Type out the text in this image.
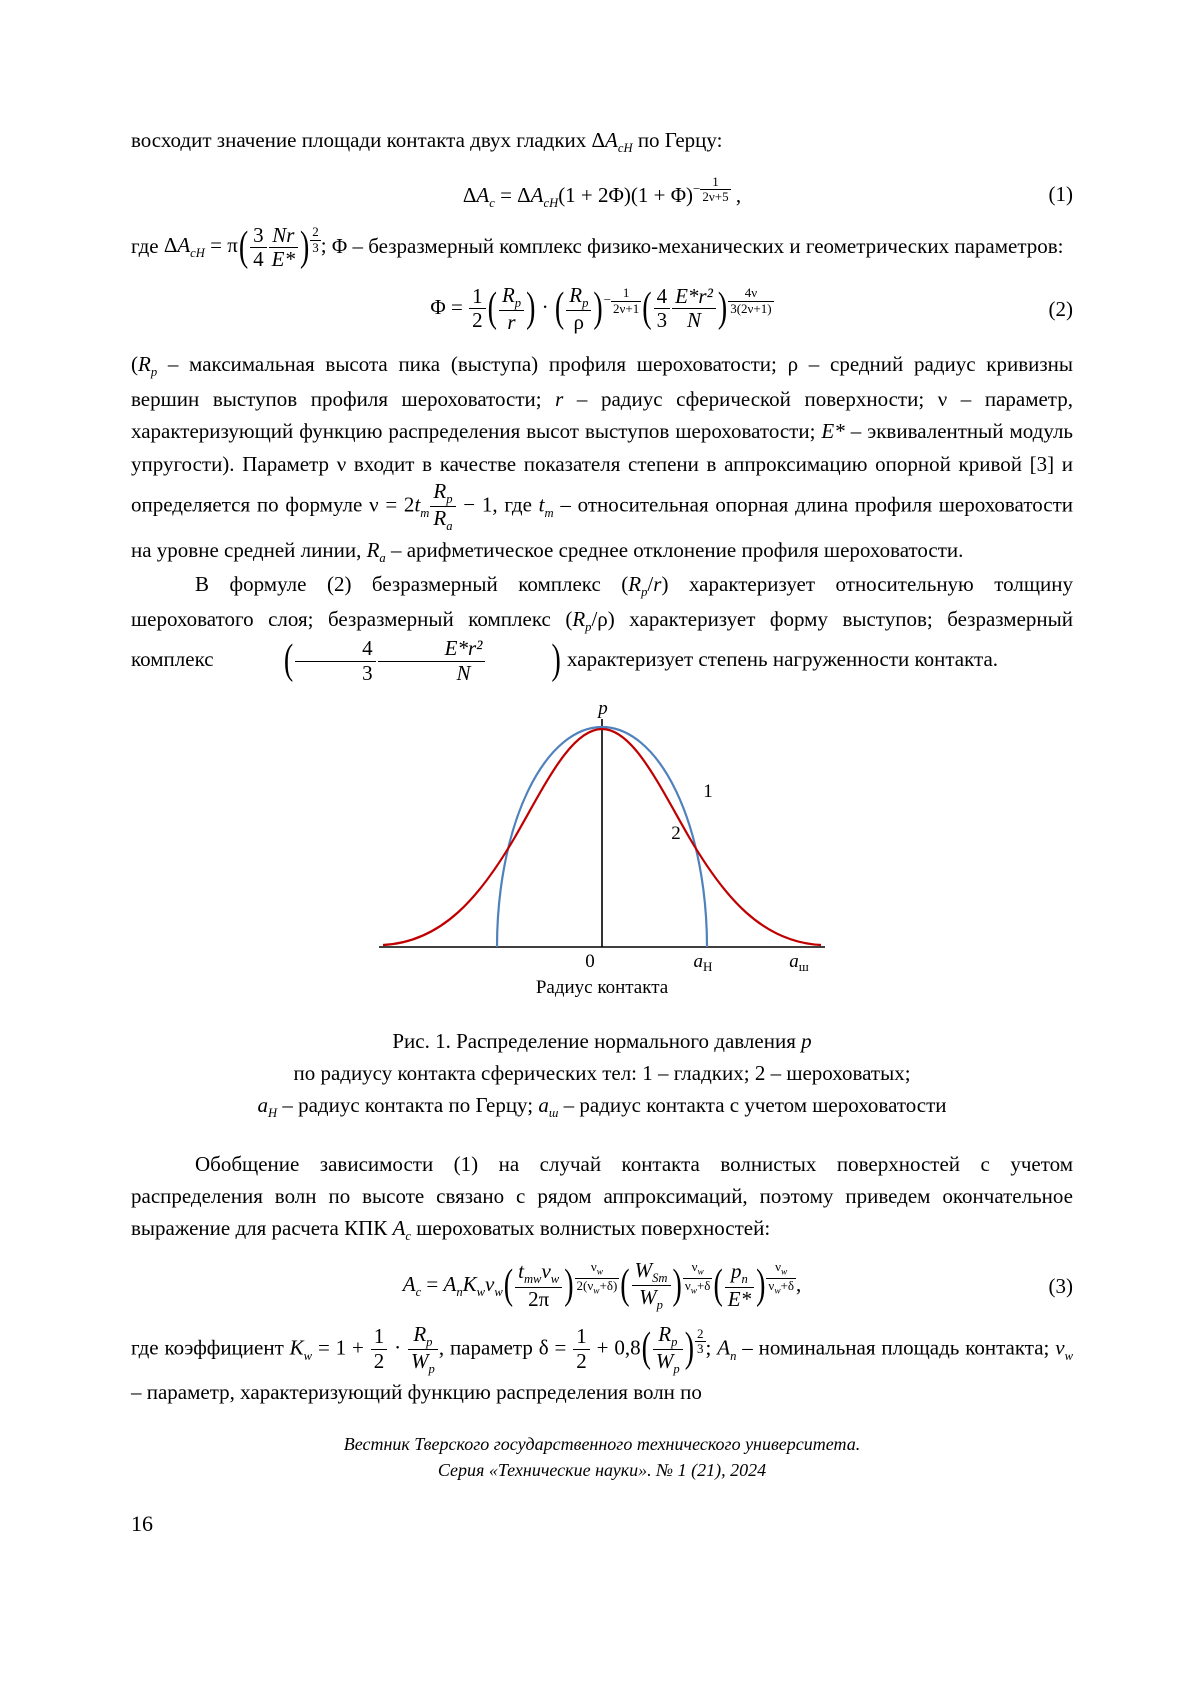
восходит значение площади контакта двух гладких $\Delta A_{cH}$ по Герцу:

$\Delta A_c = \Delta A_{cH}(1 + 2\Phi)(1 + \Phi)- \frac{1}{2\nu+5}$ ,	(1)

где $\Delta A_{cH} = \pi( \frac{3}{4} \frac{Nr}{E*}$ ) $\frac{2}{3}$ ; Φ – безразмерный комплекс физико-механических и геометрических параметров:

$\Phi = \frac{1}{2}$ ( $\frac{R_p}{r}$ ) · ( $\frac{R_p}{\rho}$ )− $\frac{1}{2\nu+1}$ ( $\frac{4}{3} \frac{\text{E*r²}}{N}$ ) $\frac{4\nu}{3(2\nu+1)}$	(2)

($R_p$ – максимальная высота пика (выступа) профиля шероховатости; ρ – средний радиус кривизны вершин выступов профиля шероховатости; r – радиус сферической поверхности; ν – параметр, характеризующий функцию распределения высот выступов шероховатости; E* – эквивалентный модуль упругости). Параметр ν входит в качестве показателя степени в аппроксимацию опорной кривой [3] и определяется по формуле $\nu = 2t_m \frac{R_p}{R_a} - 1$, где $t_m$ – относительная опорная длина профиля шероховатости на уровне средней линии, $R_a$ – арифметическое среднее отклонение профиля шероховатости.

В формуле (2) безразмерный комплекс $(R_p/r)$ характеризует относительную толщину шероховатого слоя; безразмерный комплекс $(R_p/\rho)$ характеризует форму выступов; безразмерный комплекс ( $\frac{4}{3} \frac{\text{E*r²}}{N}$ ) характеризует степень нагруженности контакта.

p
1
2
0	$a_H$	$a_ш$
Радиус контакта
Рис. 1. Распределение нормального давления p
по радиусу контакта сферических тел: 1 – гладких; 2 – шероховатых;
$a_H$ – радиус контакта по Герцу; $a_ш$ – радиус контакта с учетом шероховатости

Обобщение зависимости (1) на случай контакта волнистых поверхностей с учетом распределения волн по высоте связано с рядом аппроксимаций, поэтому приведем окончательное выражение для расчета КПК $A_c$ шероховатых волнистых поверхностей:

$A_c = A_nK_w\nu_w$( $t_{mw}\nu_w$
2π ) $\frac{\nu_w}{2(\nu_w+\delta)}$ ( $W_{Sm}$
$W_p$ ) $\frac{\nu_w}{\nu_w+\delta}$ ( $\frac{p_n}{E*}$ ) $\frac{\nu_w}{\nu_w+\delta}$ ,	(3)

где коэффициент $K_w = 1 + \frac{1}{2} \cdot \frac{R_p}{W_p}$ , параметр $\delta = \frac{1}{2} + 0,8( \frac{R_p}{W_p}$ ) $\frac{2}{3}$ ; $A_n$ – номинальная площадь контакта; $\nu_w$ – параметр, характеризующий функцию распределения волн по

Вестник Тверского государственного технического университета.
Серия «Технические науки». № 1 (21), 2024
16
